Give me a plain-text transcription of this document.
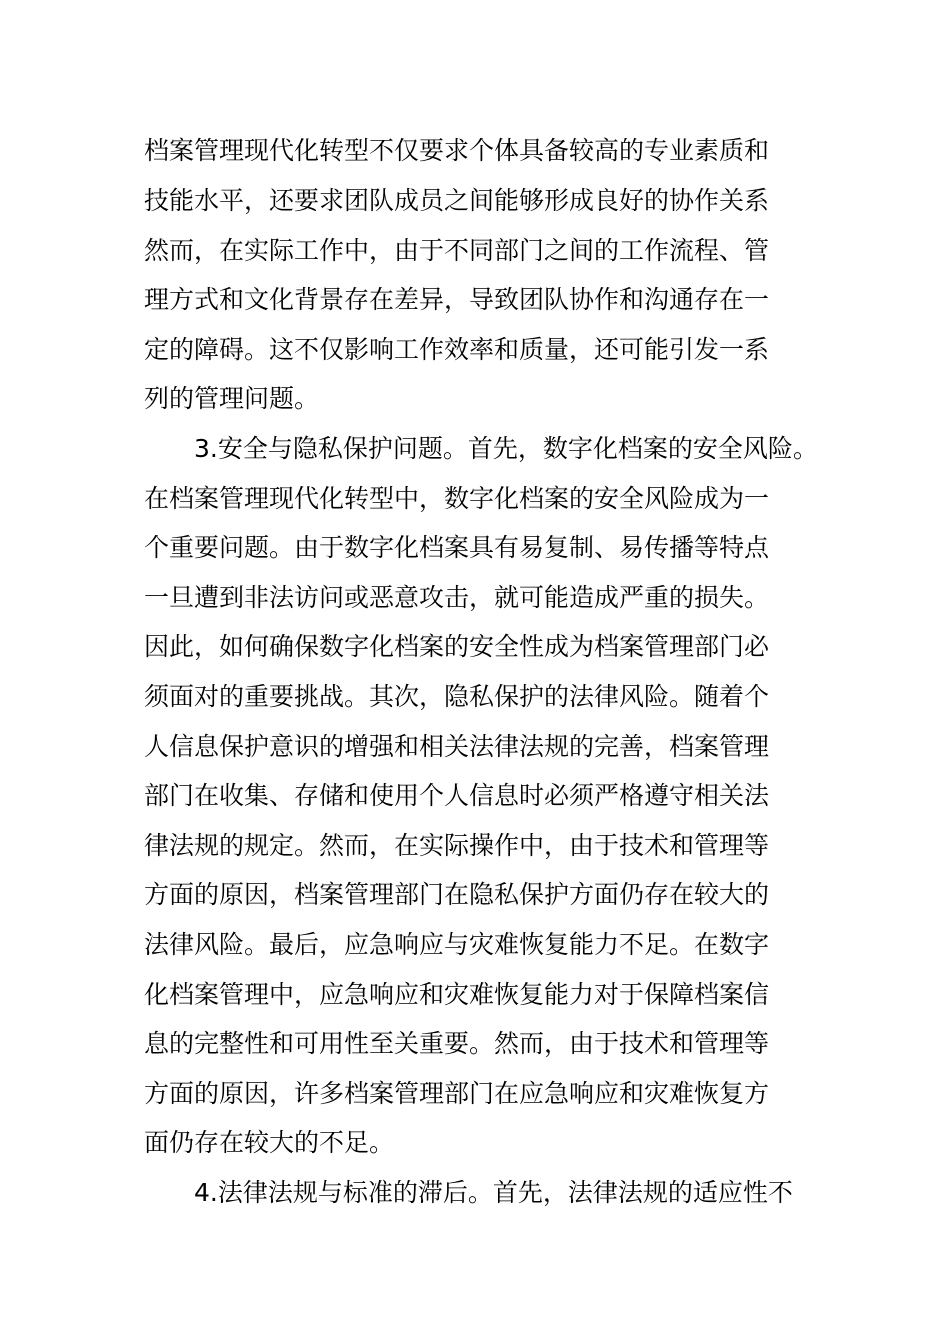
档案管理现代化转型不仅要求个体具备较高的专业素质和
技能水平，还要求团队成员之间能够形成良好的协作关系
然而，在实际工作中，由于不同部门之间的工作流程、管
理方式和文化背景存在差异，导致团队协作和沟通存在一
定的障碍。这不仅影响工作效率和质量，还可能引发一系
列的管理问题。
3.安全与隐私保护问题。首先，数字化档案的安全风险。
在档案管理现代化转型中，数字化档案的安全风险成为一
个重要问题。由于数字化档案具有易复制、易传播等特点
一旦遭到非法访问或恶意攻击，就可能造成严重的损失。
因此，如何确保数字化档案的安全性成为档案管理部门必
须面对的重要挑战。其次，隐私保护的法律风险。随着个
人信息保护意识的增强和相关法律法规的完善，档案管理
部门在收集、存储和使用个人信息时必须严格遵守相关法
律法规的规定。然而，在实际操作中，由于技术和管理等
方面的原因，档案管理部门在隐私保护方面仍存在较大的
法律风险。最后，应急响应与灾难恢复能力不足。在数字
化档案管理中，应急响应和灾难恢复能力对于保障档案信
息的完整性和可用性至关重要。然而，由于技术和管理等
方面的原因，许多档案管理部门在应急响应和灾难恢复方
面仍存在较大的不足。
4.法律法规与标准的滞后。首先，法律法规的适应性不
